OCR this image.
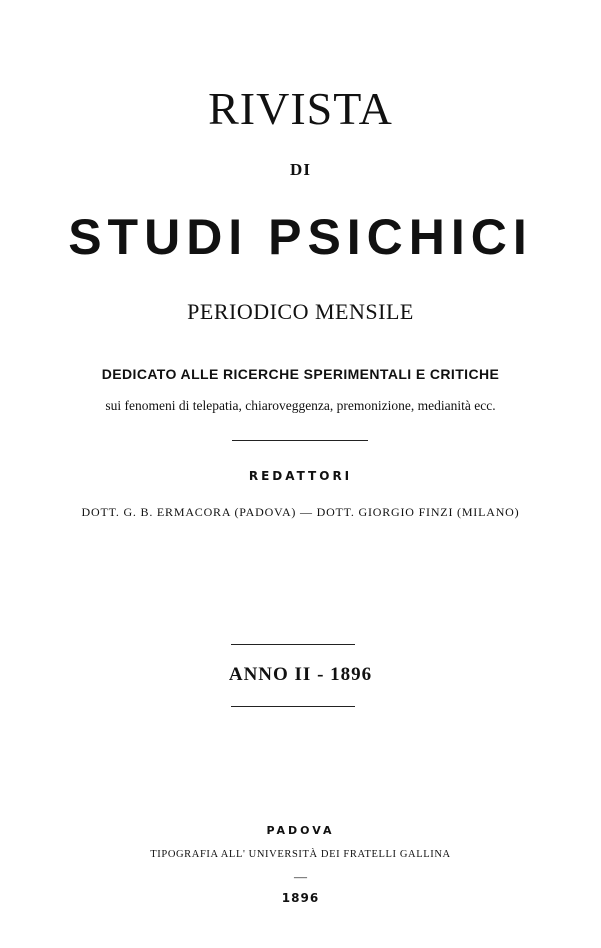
RIVISTA
DI
STUDI PSICHICI
PERIODICO MENSILE
DEDICATO ALLE RICERCHE SPERIMENTALI E CRITICHE
sui fenomeni di telepatia, chiaroveggenza, premonizione, medianità ecc.
REDATTORI
DOTT. G. B. ERMACORA (PADOVA) — DOTT. GIORGIO FINZI (MILANO)
ANNO II - 1896
PADOVA
TIPOGRAFIA ALL' UNIVERSITÀ DEI FRATELLI GALLINA
—
1896
